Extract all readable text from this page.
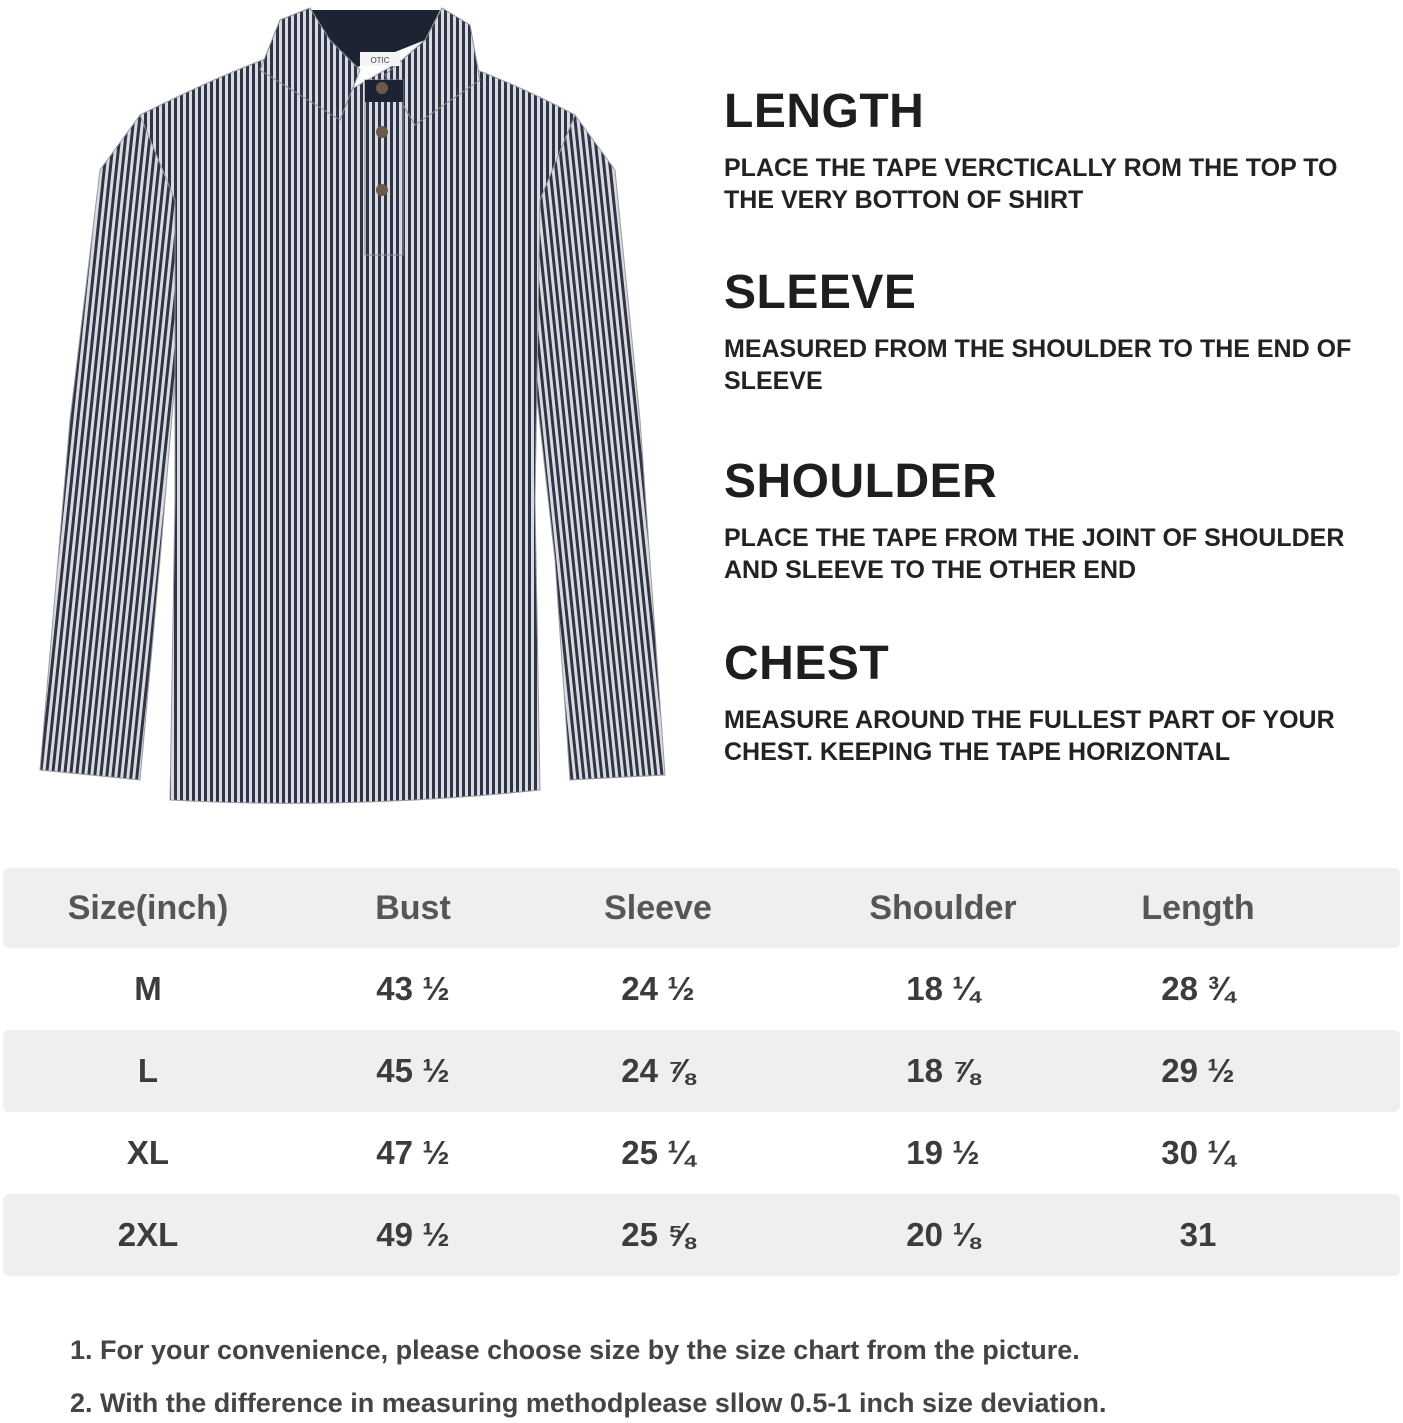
OTIC
LENGTH

PLACE THE TAPE VERCTICALLY ROM THE TOP TO THE VERY BOTTON OF SHIRT

SLEEVE

MEASURED FROM THE SHOULDER TO THE END OF SLEEVE

SHOULDER

PLACE THE TAPE FROM THE JOINT OF SHOULDER AND SLEEVE TO THE OTHER END

CHEST

MEASURE AROUND THE FULLEST PART OF YOUR CHEST. KEEPING THE TAPE HORIZONTAL

Size(inch)	Bust	Sleeve	Shoulder	Length
M	43 ½	24 ½	18 ¼	28 ¾
L	45 ½	24 ⅞	18 ⅞	29 ½
XL	47 ½	25 ¼	19 ½	30 ¼
2XL	49 ½	25 ⅝	20 ⅛	31

1. For your convenience, please choose size by the size chart from the picture.

2. With the difference in measuring methodplease sllow 0.5-1 inch size deviation.
